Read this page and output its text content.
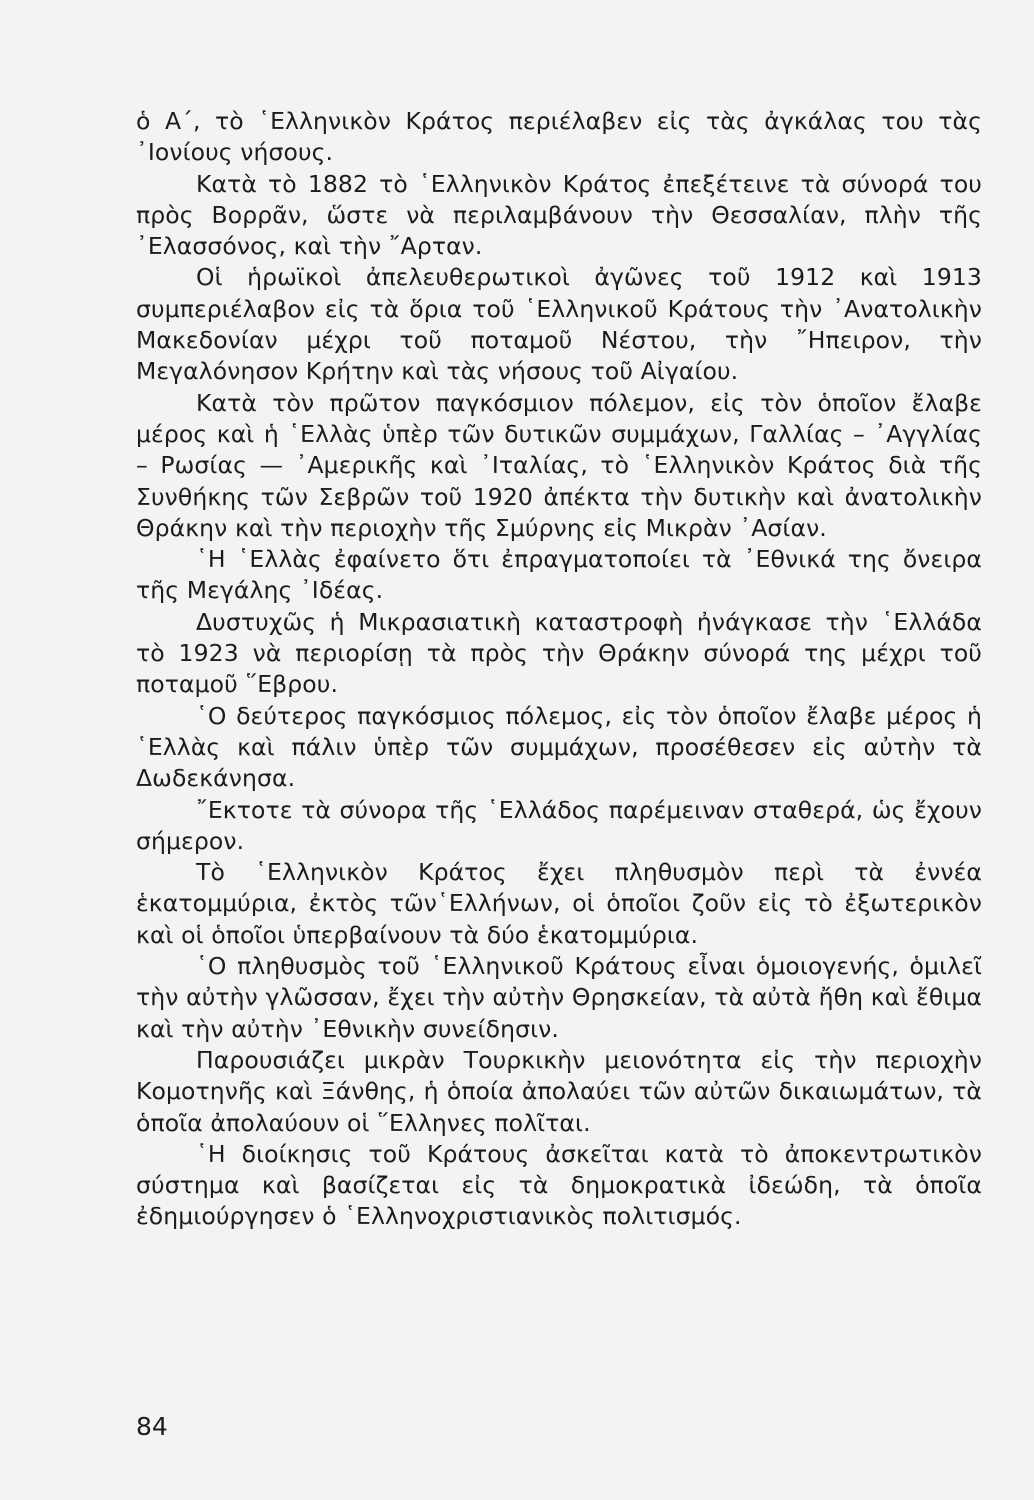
ὁ Α΄, τὸ ῾Ελληνικὸν Κράτος περιέλαβεν εἰς τὰς ἀγκάλας του τὰς ᾿Ιονίους νήσους.

Κατὰ τὸ 1882 τὸ ῾Ελληνικὸν Κράτος ἐπεξέτεινε τὰ σύνορά του πρὸς Βορρᾶν, ὥστε νὰ περιλαμβάνουν τὴν Θεσσαλίαν, πλὴν τῆς ᾿Ελασσόνος, καὶ τὴν ῎Αρταν.

Οἱ ἡρωϊκοὶ ἀπελευθερωτικοὶ ἀγῶνες τοῦ 1912 καὶ 1913 συμπεριέλαβον εἰς τὰ ὅρια τοῦ ῾Ελληνικοῦ Κράτους τὴν ᾿Ανατολικὴν Μακεδονίαν μέχρι τοῦ ποταμοῦ Νέστου, τὴν ῎Ηπειρον, τὴν Μεγαλόνησον Κρήτην καὶ τὰς νήσους τοῦ Αἰγαίου.

Κατὰ τὸν πρῶτον παγκόσμιον πόλεμον, εἰς τὸν ὁποῖον ἔλαβε μέρος καὶ ἡ ῾Ελλὰς ὑπὲρ τῶν δυτικῶν συμμάχων, Γαλλίας – ᾿Αγγλίας – Ρωσίας — ᾿Αμερικῆς καὶ ᾿Ιταλίας, τὸ ῾Ελληνικὸν Κράτος διὰ τῆς Συνθήκης τῶν Σεβρῶν τοῦ 1920 ἀπέκτα τὴν δυτικὴν καὶ ἀνατολικὴν Θράκην καὶ τὴν περιοχὴν τῆς Σμύρνης εἰς Μικρὰν ᾿Ασίαν.

῾Η ῾Ελλὰς ἐφαίνετο ὅτι ἐπραγματοποίει τὰ ᾿Εθνικά της ὄνειρα τῆς Μεγάλης ᾿Ιδέας.

Δυστυχῶς ἡ Μικρασιατικὴ καταστροφὴ ἠνάγκασε τὴν ῾Ελλάδα τὸ 1923 νὰ περιορίσῃ τὰ πρὸς τὴν Θράκην σύνορά της μέχρι τοῦ ποταμοῦ ῞Εβρου.

῾Ο δεύτερος παγκόσμιος πόλεμος, εἰς τὸν ὁποῖον ἔλαβε μέρος ἡ ῾Ελλὰς καὶ πάλιν ὑπὲρ τῶν συμμάχων, προσέθεσεν εἰς αὐτὴν τὰ Δωδεκάνησα.

῎Εκτοτε τὰ σύνορα τῆς ῾Ελλάδος παρέμειναν σταθερά, ὡς ἔχουν σήμερον.

Τὸ ῾Ελληνικὸν Κράτος ἔχει πληθυσμὸν περὶ τὰ ἐννέα ἑκατομμύρια, ἐκτὸς τῶν῾Ελλήνων, οἱ ὁποῖοι ζοῦν εἰς τὸ ἐξωτερικὸν καὶ οἱ ὁποῖοι ὑπερβαίνουν τὰ δύο ἑκατομμύρια.

῾Ο πληθυσμὸς τοῦ ῾Ελληνικοῦ Κράτους εἶναι ὁμοιογενής, ὁμιλεῖ τὴν αὐτὴν γλῶσσαν, ἔχει τὴν αὐτὴν Θρησκείαν, τὰ αὐτὰ ἤθη καὶ ἔθιμα καὶ τὴν αὐτὴν ᾿Εθνικὴν συνείδησιν.

Παρουσιάζει μικρὰν Τουρκικὴν μειονότητα εἰς τὴν περιοχὴν Κομοτηνῆς καὶ Ξάνθης, ἡ ὁποία ἀπολαύει τῶν αὐτῶν δικαιωμάτων, τὰ ὁποῖα ἀπολαύουν οἱ ῞Ελληνες πολῖται.

῾Η διοίκησις τοῦ Κράτους ἀσκεῖται κατὰ τὸ ἀποκεντρωτικὸν σύστημα καὶ βασίζεται εἰς τὰ δημοκρατικὰ ἰδεώδη, τὰ ὁποῖα ἐδημιούργησεν ὁ ῾Ελληνοχριστιανικὸς πολιτισμός.

84
